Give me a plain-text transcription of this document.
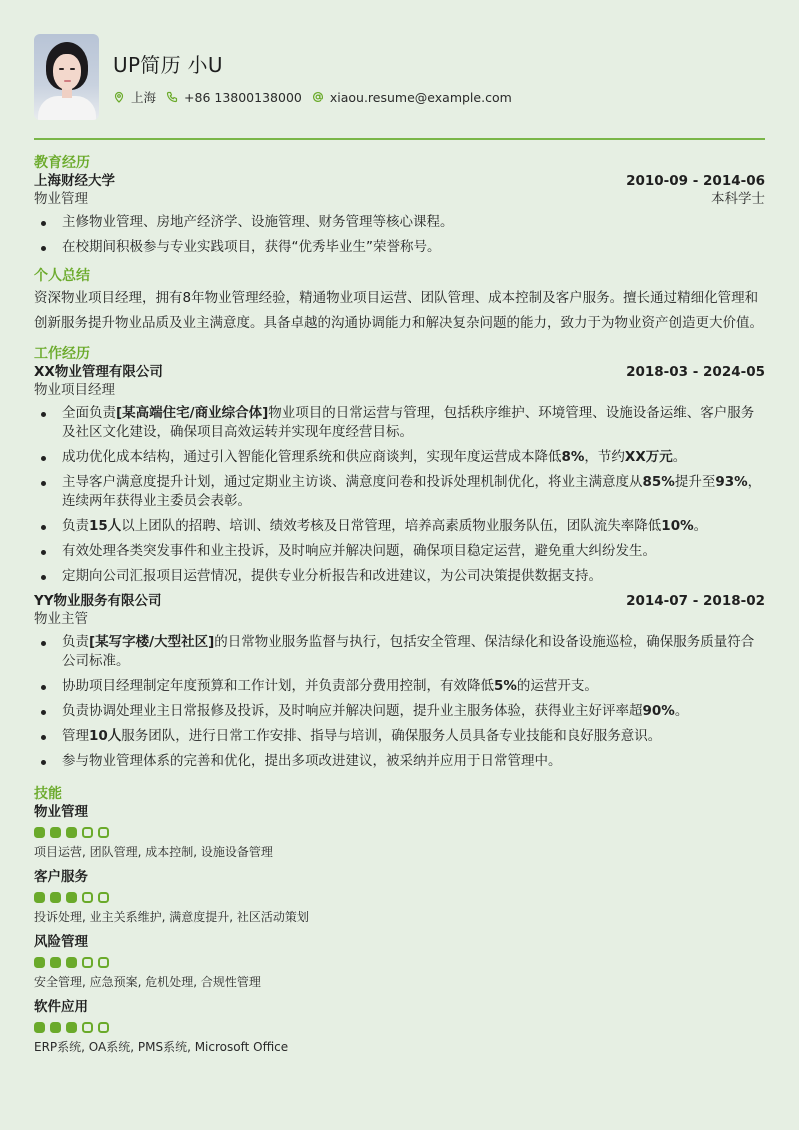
UP简历 小U
上海 +86 13800138000 xiaou.resume@example.com
教育经历
上海财经大学	2010-09 - 2014-06
物业管理	本科学士
主修物业管理、房地产经济学、设施管理、财务管理等核心课程。
在校期间积极参与专业实践项目，获得“优秀毕业生”荣誉称号。
个人总结
资深物业项目经理，拥有8年物业管理经验，精通物业项目运营、团队管理、成本控制及客户服务。擅长通过精细化管理和创新服务提升物业品质及业主满意度。具备卓越的沟通协调能力和解决复杂问题的能力，致力于为物业资产创造更大价值。
工作经历
XX物业管理有限公司	2018-03 - 2024-05
物业项目经理
全面负责[某高端住宅/商业综合体]物业项目的日常运营与管理，包括秩序维护、环境管理、设施设备运维、客户服务及社区文化建设，确保项目高效运转并实现年度经营目标。
成功优化成本结构，通过引入智能化管理系统和供应商谈判，实现年度运营成本降低8%，节约XX万元。
主导客户满意度提升计划，通过定期业主访谈、满意度问卷和投诉处理机制优化，将业主满意度从85%提升至93%，连续两年获得业主委员会表彰。
负责15人以上团队的招聘、培训、绩效考核及日常管理，培养高素质物业服务队伍，团队流失率降低10%。
有效处理各类突发事件和业主投诉，及时响应并解决问题，确保项目稳定运营，避免重大纠纷发生。
定期向公司汇报项目运营情况，提供专业分析报告和改进建议，为公司决策提供数据支持。
YY物业服务有限公司	2014-07 - 2018-02
物业主管
负责[某写字楼/大型社区]的日常物业服务监督与执行，包括安全管理、保洁绿化和设备设施巡检，确保服务质量符合公司标准。
协助项目经理制定年度预算和工作计划，并负责部分费用控制，有效降低5%的运营开支。
负责协调处理业主日常报修及投诉，及时响应并解决问题，提升业主服务体验，获得业主好评率超90%。
管理10人服务团队，进行日常工作安排、指导与培训，确保服务人员具备专业技能和良好服务意识。
参与物业管理体系的完善和优化，提出多项改进建议，被采纳并应用于日常管理中。
技能
物业管理
项目运营, 团队管理, 成本控制, 设施设备管理
客户服务
投诉处理, 业主关系维护, 满意度提升, 社区活动策划
风险管理
安全管理, 应急预案, 危机处理, 合规性管理
软件应用
ERP系统, OA系统, PMS系统, Microsoft Office
